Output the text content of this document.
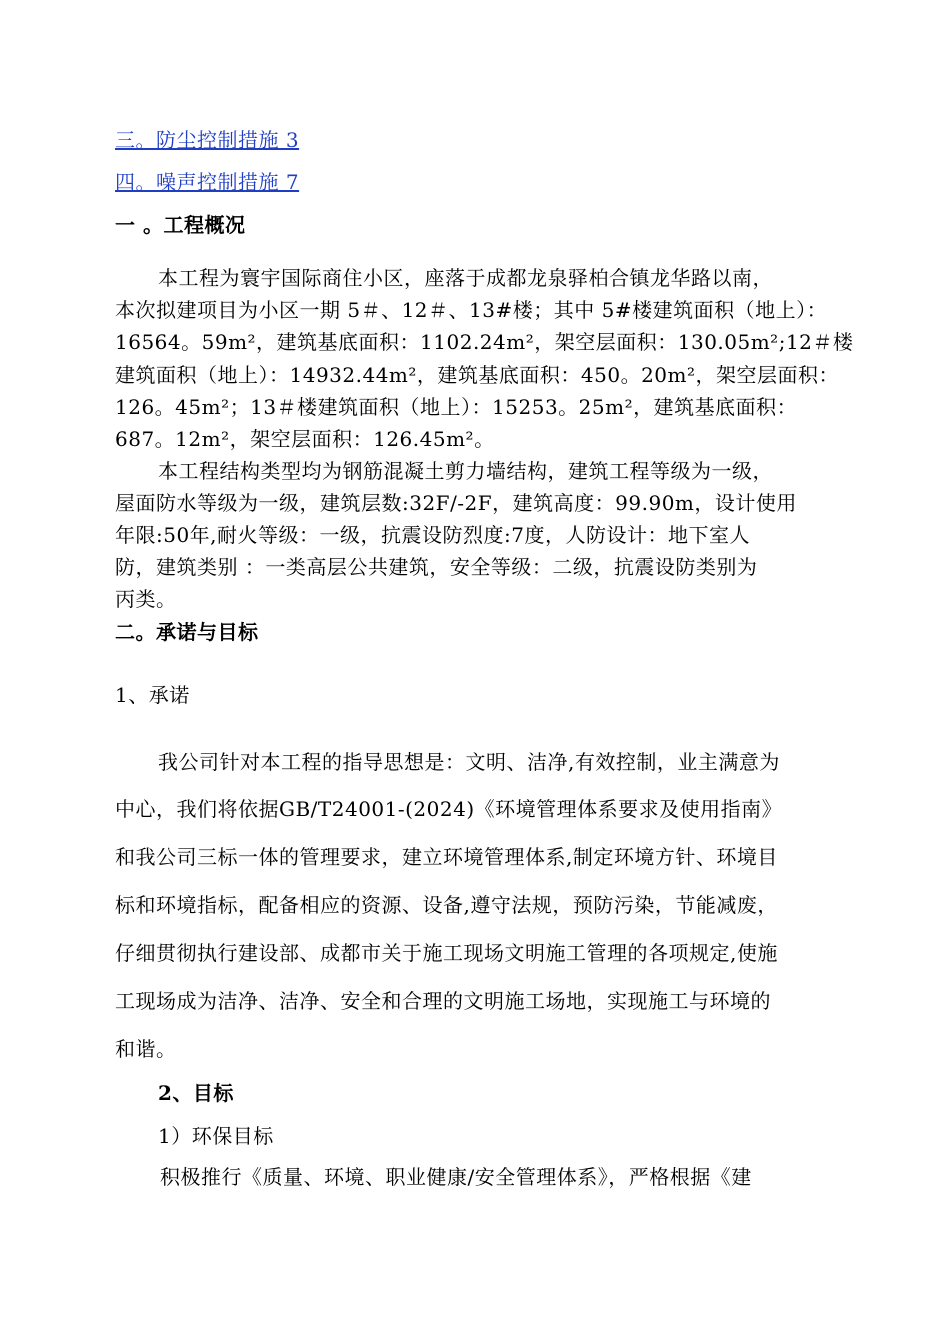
三。防尘控制措施 3
四。噪声控制措施 7
一 。工程概况
本工程为寰宇国际商住小区，座落于成都龙泉驿柏合镇龙华路以南，
本次拟建项目为小区一期 5＃、12＃、13#楼；其中 5#楼建筑面积（地上）：
16564。59m²，建筑基底面积：1102.24m²，架空层面积：130.05m²;12＃楼
建筑面积（地上）：14932.44m²，建筑基底面积：450。20m²，架空层面积：
126。45m²；13＃楼建筑面积（地上）：15253。25m²，建筑基底面积：
687。12m²，架空层面积：126.45m²。
本工程结构类型均为钢筋混凝土剪力墙结构，建筑工程等级为一级，
屋面防水等级为一级，建筑层数:32F/-2F，建筑高度：99.90m，设计使用
年限:50年,耐火等级：一级，抗震设防烈度:7度，人防设计：地下室人
防，建筑类别 ：一类高层公共建筑，安全等级：二级，抗震设防类别为
丙类。
二。承诺与目标
1、承诺
我公司针对本工程的指导思想是：文明、洁净,有效控制，业主满意为
中心，我们将依据GB/T24001-(2024)《环境管理体系要求及使用指南》
和我公司三标一体的管理要求，建立环境管理体系,制定环境方针、环境目
标和环境指标，配备相应的资源、设备,遵守法规，预防污染，节能减废，
仔细贯彻执行建设部、成都市关于施工现场文明施工管理的各项规定,使施
工现场成为洁净、洁净、安全和合理的文明施工场地，实现施工与环境的
和谐。
2、目标
1）环保目标
积极推行《质量、环境、职业健康/安全管理体系》，严格根据《建
